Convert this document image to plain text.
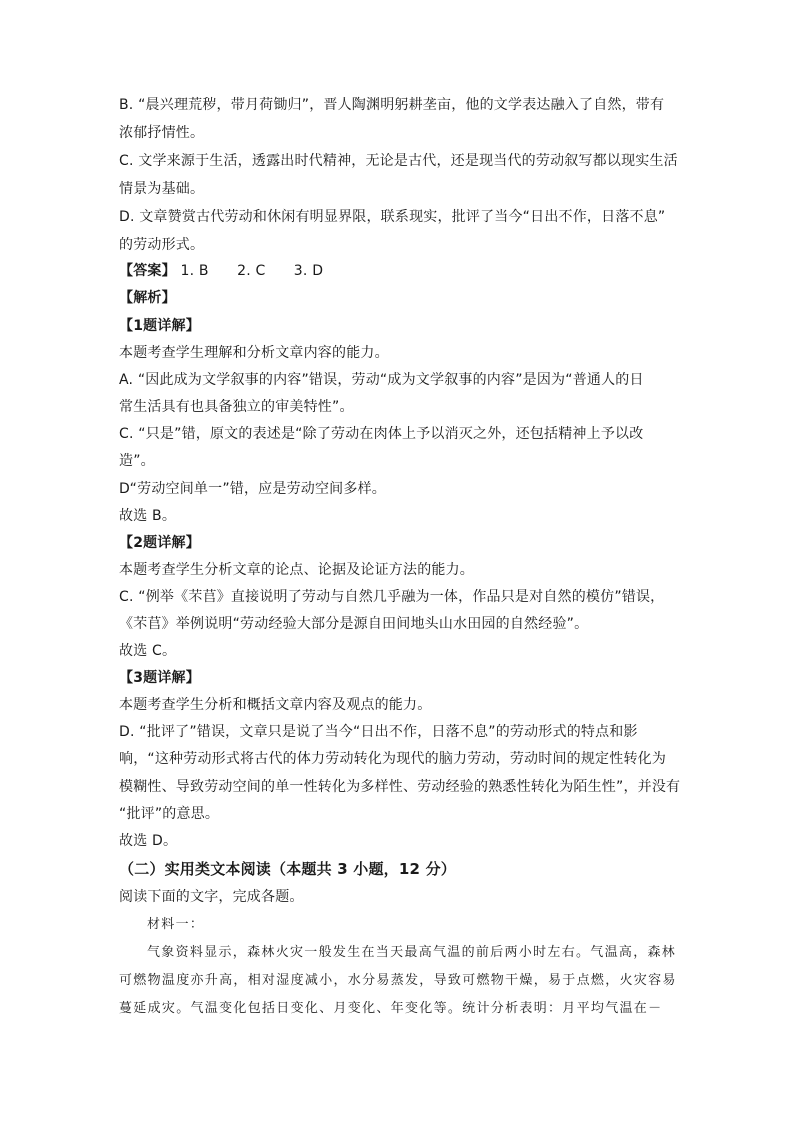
B. “晨兴理荒秽，带月荷锄归”，晋人陶渊明躬耕垄亩，他的文学表达融入了自然，带有
浓郁抒情性。
C. 文学来源于生活，透露出时代精神，无论是古代，还是现当代的劳动叙写都以现实生活
情景为基础。
D. 文章赞赏古代劳动和休闲有明显界限，联系现实，批评了当今“日出不作，日落不息”
的劳动形式。
【答案】 1. B 2. C 3. D
【解析】
【1题详解】
本题考查学生理解和分析文章内容的能力。
A. “因此成为文学叙事的内容”错误，劳动“成为文学叙事的内容”是因为“普通人的日
常生活具有也具备独立的审美特性”。
C. “只是”错，原文的表述是“除了劳动在肉体上予以消灭之外，还包括精神上予以改
造”。
D“劳动空间单一”错，应是劳动空间多样。
故选 B。
【2题详解】
本题考查学生分析文章的论点、论据及论证方法的能力。
C. “例举《芣苢》直接说明了劳动与自然几乎融为一体，作品只是对自然的模仿”错误，
《芣苢》举例说明“劳动经验大部分是源自田间地头山水田园的自然经验”。
故选 C。
【3题详解】
本题考查学生分析和概括文章内容及观点的能力。
D. “批评了”错误，文章只是说了当今“日出不作，日落不息”的劳动形式的特点和影
响，“这种劳动形式将古代的体力劳动转化为现代的脑力劳动，劳动时间的规定性转化为
模糊性、导致劳动空间的单一性转化为多样性、劳动经验的熟悉性转化为陌生性”，并没有
“批评”的意思。
故选 D。
（二）实用类文本阅读（本题共 3 小题，12 分）
阅读下面的文字，完成各题。
材料一：
气象资料显示，森林火灾一般发生在当天最高气温的前后两小时左右。气温高，森林
可燃物温度亦升高，相对湿度减小，水分易蒸发，导致可燃物干燥，易于点燃，火灾容易
蔓延成灾。气温变化包括日变化、月变化、年变化等。统计分析表明：月平均气温在－
